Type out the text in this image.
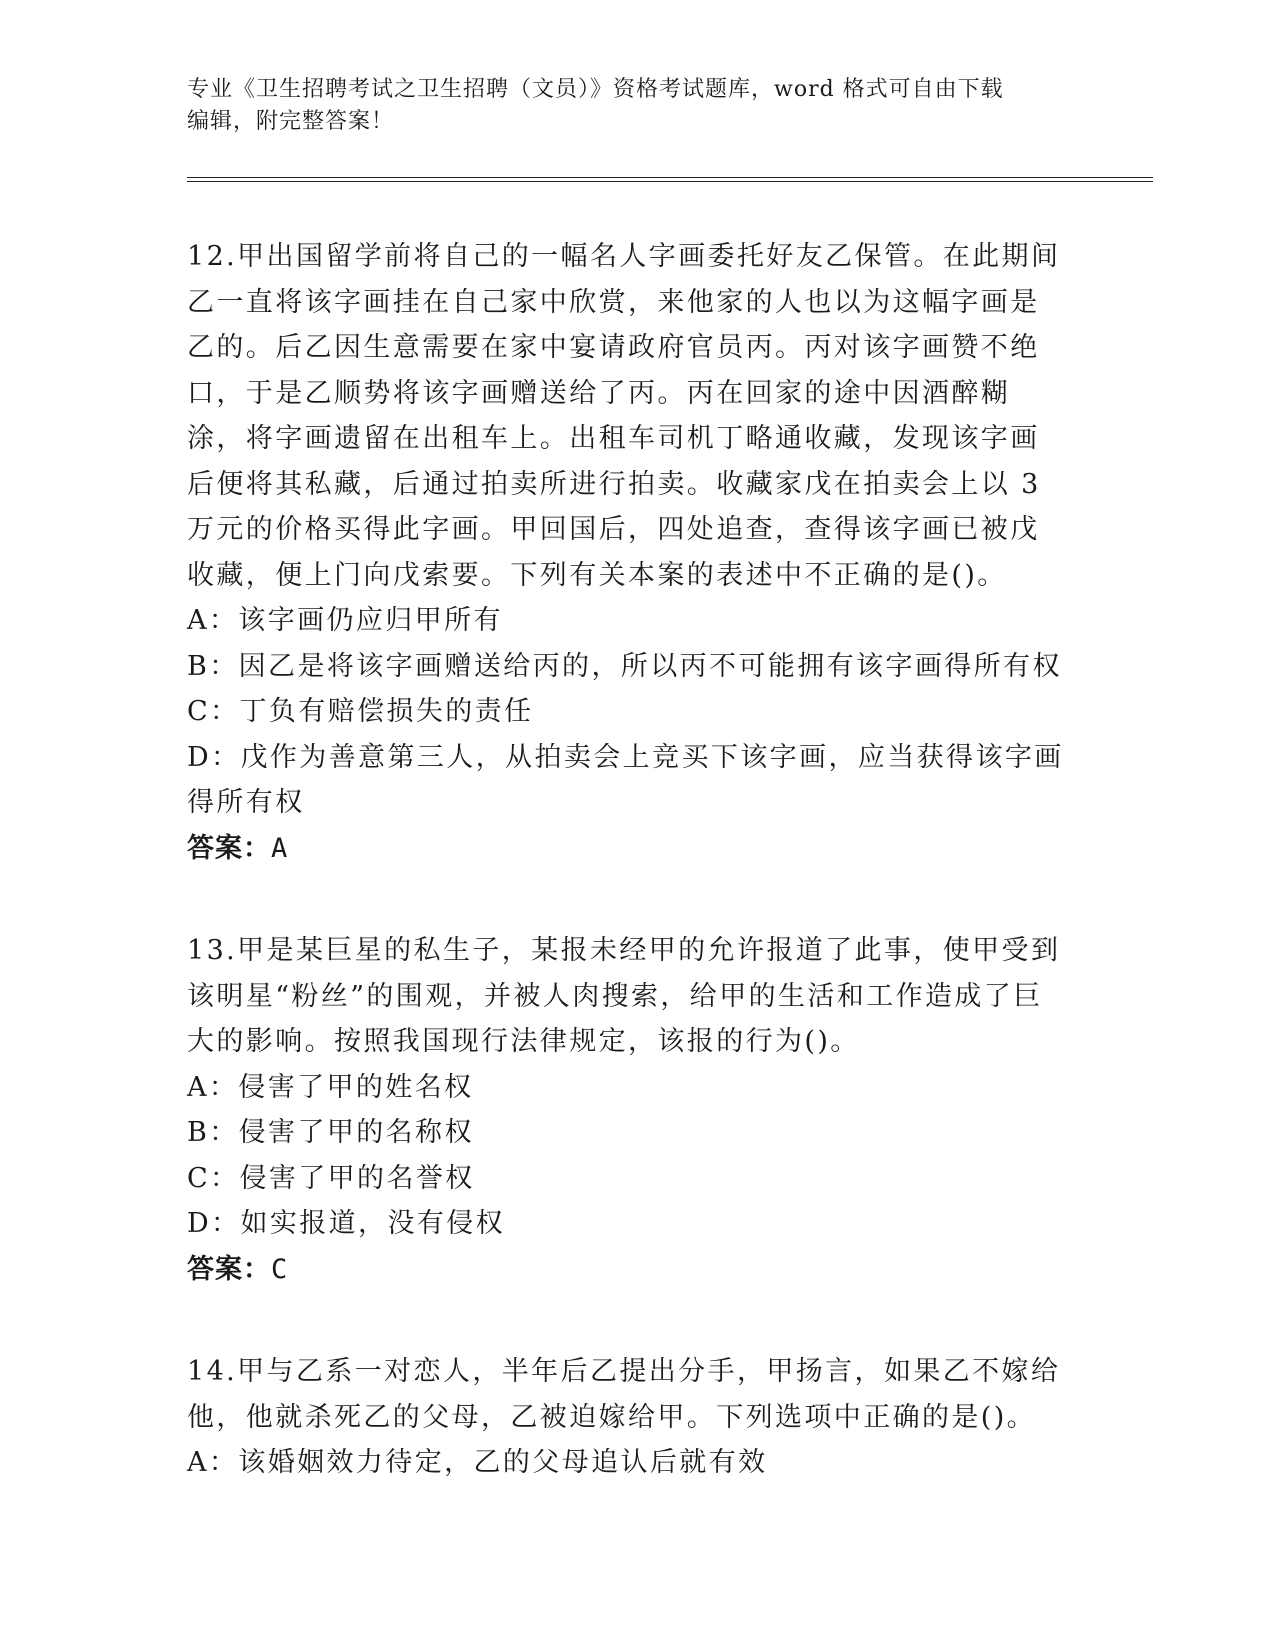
专业《卫生招聘考试之卫生招聘（文员）》资格考试题库，word 格式可自由下载
编辑，附完整答案！
12.甲出国留学前将自己的一幅名人字画委托好友乙保管。在此期间乙一直将该字画挂在自己家中欣赏，来他家的人也以为这幅字画是乙的。后乙因生意需要在家中宴请政府官员丙。丙对该字画赞不绝口，于是乙顺势将该字画赠送给了丙。丙在回家的途中因酒醉糊涂，将字画遗留在出租车上。出租车司机丁略通收藏，发现该字画后便将其私藏，后通过拍卖所进行拍卖。收藏家戊在拍卖会上以 3 万元的价格买得此字画。甲回国后，四处追查，查得该字画已被戊收藏，便上门向戊索要。下列有关本案的表述中不正确的是()。
A：该字画仍应归甲所有
B：因乙是将该字画赠送给丙的，所以丙不可能拥有该字画得所有权
C：丁负有赔偿损失的责任
D：戊作为善意第三人，从拍卖会上竞买下该字画，应当获得该字画得所有权
答案：A
13.甲是某巨星的私生子，某报未经甲的允许报道了此事，使甲受到该明星“粉丝”的围观，并被人肉搜索，给甲的生活和工作造成了巨大的影响。按照我国现行法律规定，该报的行为()。
A：侵害了甲的姓名权
B：侵害了甲的名称权
C：侵害了甲的名誉权
D：如实报道，没有侵权
答案：C
14.甲与乙系一对恋人，半年后乙提出分手，甲扬言，如果乙不嫁给他，他就杀死乙的父母，乙被迫嫁给甲。下列选项中正确的是()。
A：该婚姻效力待定，乙的父母追认后就有效
